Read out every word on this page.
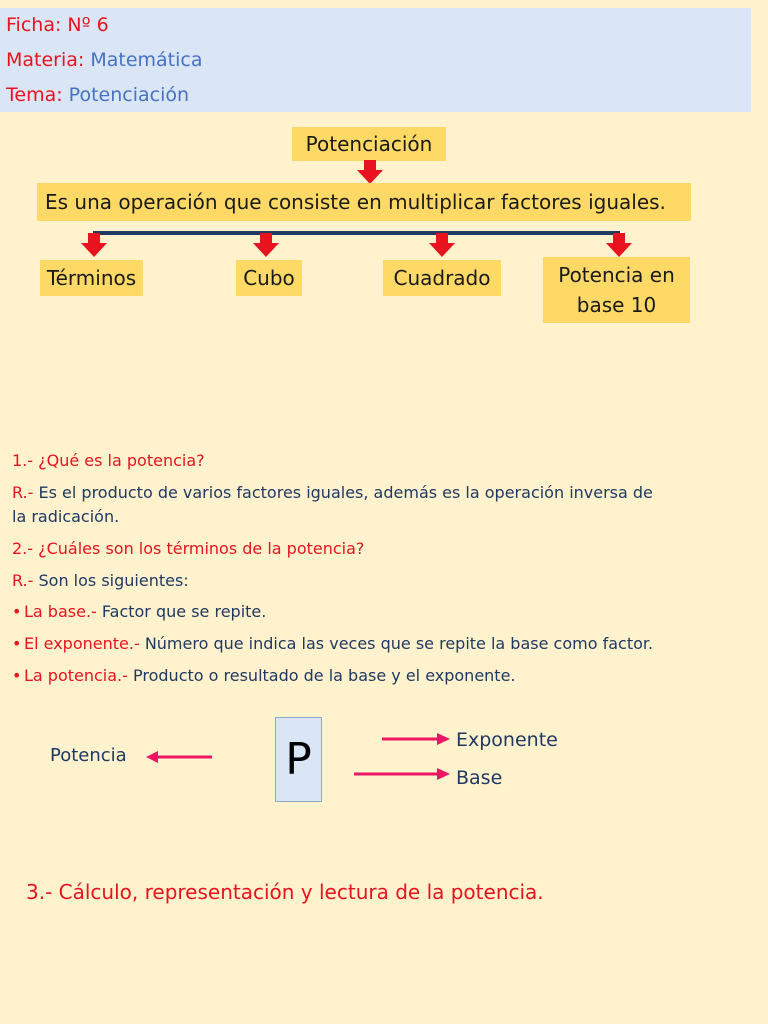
Ficha: Nº 6
Materia: Matemática
Tema: Potenciación
Potenciación
Es una operación que consiste en multiplicar factores iguales.
Términos	Cubo	Cuadrado	Potencia en
base 10
1.- ¿Qué es la potencia?
R.- Es el producto de varios factores iguales, además es la operación inversa de
la radicación.
2.- ¿Cuáles son los términos de la potencia?
R.- Son los siguientes:
• La base.- Factor que se repite.
• El exponente.- Número que indica las veces que se repite la base como factor.
• La potencia.- Producto o resultado de la base y el exponente.
Potencia	P	Exponente
Base
3.- Cálculo, representación y lectura de la potencia.
